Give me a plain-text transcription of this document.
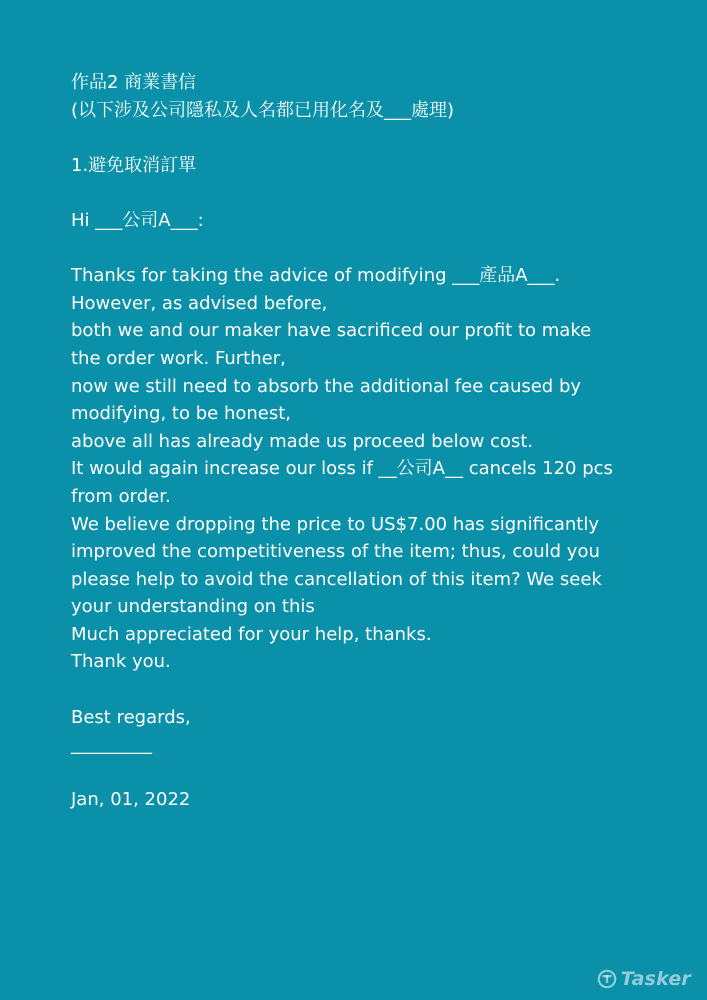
作品2 商業書信

(以下涉及公司隱私及人名都已用化名及___處理)

1.避免取消訂單

Hi ___公司A___:

Thanks for taking the advice of modifying ___產品A___.

However, as advised before,

both we and our maker have sacrificed our profit to make

the order work. Further,

now we still need to absorb the additional fee caused by

modifying, to be honest,

above all has already made us proceed below cost.

It would again increase our loss if __公司A__ cancels 120 pcs

from order.

We believe dropping the price to US$7.00 has significantly

improved the competitiveness of the item; thus, could you

please help to avoid the cancellation of this item? We seek

your understanding on this

Much appreciated for your help, thanks.

Thank you.

Best regards,

_________

Jan, 01, 2022

Tasker
